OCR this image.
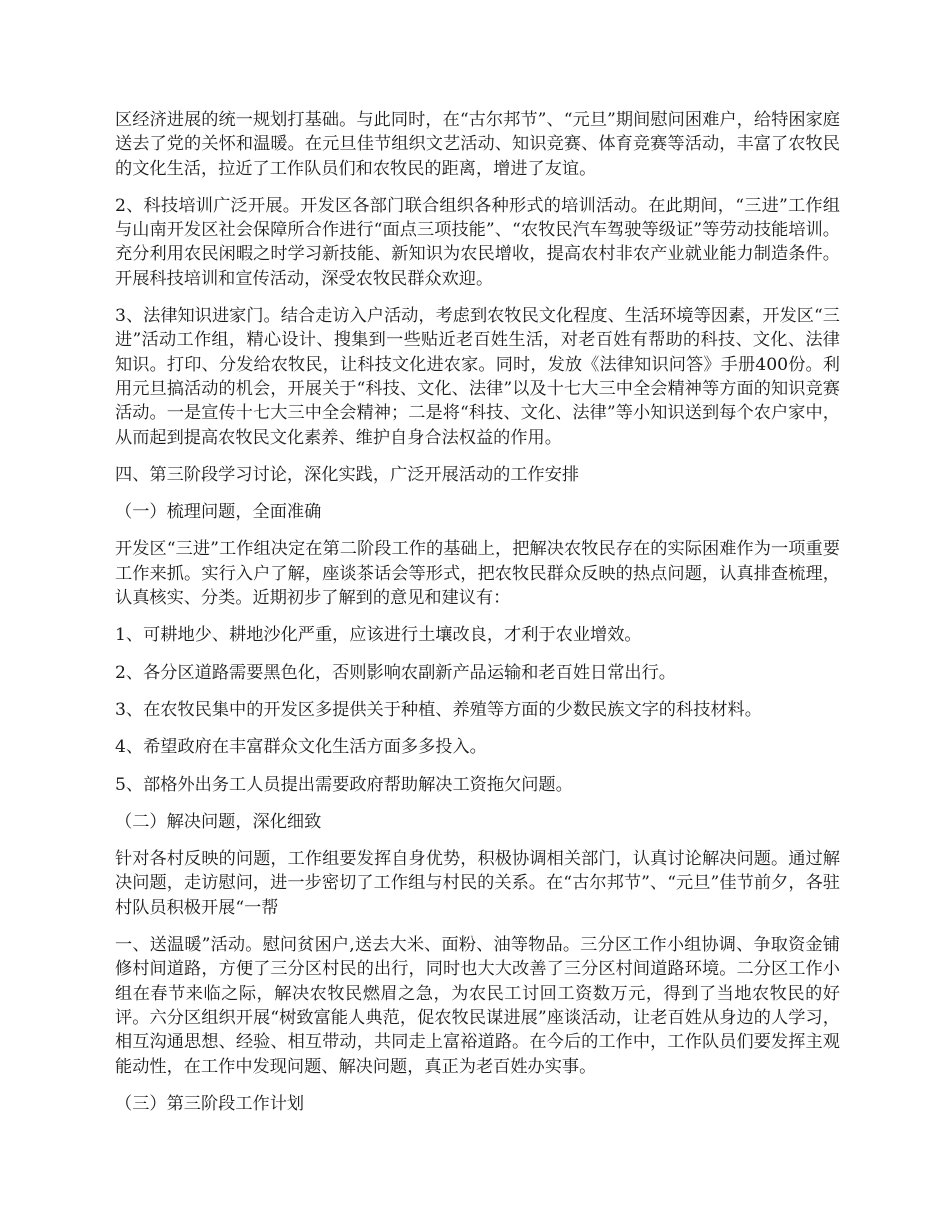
区经济进展的统一规划打基础。与此同时，在“古尔邦节”、“元旦”期间慰问困难户，给特困家庭送去了党的关怀和温暖。在元旦佳节组织文艺活动、知识竞赛、体育竞赛等活动，丰富了农牧民的文化生活，拉近了工作队员们和农牧民的距离，增进了友谊。

2、科技培训广泛开展。开发区各部门联合组织各种形式的培训活动。在此期间，“三进”工作组与山南开发区社会保障所合作进行“面点三项技能”、“农牧民汽车驾驶等级证”等劳动技能培训。充分利用农民闲暇之时学习新技能、新知识为农民增收，提高农村非农产业就业能力制造条件。开展科技培训和宣传活动，深受农牧民群众欢迎。

3、法律知识进家门。结合走访入户活动，考虑到农牧民文化程度、生活环境等因素，开发区“三进”活动工作组，精心设计、搜集到一些贴近老百姓生活，对老百姓有帮助的科技、文化、法律知识。打印、分发给农牧民，让科技文化进农家。同时，发放《法律知识问答》手册400份。利用元旦搞活动的机会，开展关于“科技、文化、法律”以及十七大三中全会精神等方面的知识竞赛活动。一是宣传十七大三中全会精神；二是将“科技、文化、法律”等小知识送到每个农户家中，从而起到提高农牧民文化素养、维护自身合法权益的作用。

四、第三阶段学习讨论，深化实践，广泛开展活动的工作安排

（一）梳理问题，全面准确

开发区“三进”工作组决定在第二阶段工作的基础上，把解决农牧民存在的实际困难作为一项重要工作来抓。实行入户了解，座谈茶话会等形式，把农牧民群众反映的热点问题，认真排查梳理，认真核实、分类。近期初步了解到的意见和建议有：

1、可耕地少、耕地沙化严重，应该进行土壤改良，才利于农业增效。

2、各分区道路需要黑色化，否则影响农副新产品运输和老百姓日常出行。

3、在农牧民集中的开发区多提供关于种植、养殖等方面的少数民族文字的科技材料。

4、希望政府在丰富群众文化生活方面多多投入。

5、部格外出务工人员提出需要政府帮助解决工资拖欠问题。

（二）解决问题，深化细致

针对各村反映的问题，工作组要发挥自身优势，积极协调相关部门，认真讨论解决问题。通过解决问题，走访慰问，进一步密切了工作组与村民的关系。在“古尔邦节”、“元旦”佳节前夕，各驻村队员积极开展“一帮

一、送温暖”活动。慰问贫困户,送去大米、面粉、油等物品。三分区工作小组协调、争取资金铺修村间道路，方便了三分区村民的出行，同时也大大改善了三分区村间道路环境。二分区工作小组在春节来临之际，解决农牧民燃眉之急，为农民工讨回工资数万元，得到了当地农牧民的好评。六分区组织开展“树致富能人典范，促农牧民谋进展”座谈活动，让老百姓从身边的人学习，相互沟通思想、经验、相互带动，共同走上富裕道路。在今后的工作中，工作队员们要发挥主观能动性，在工作中发现问题、解决问题，真正为老百姓办实事。

（三）第三阶段工作计划
